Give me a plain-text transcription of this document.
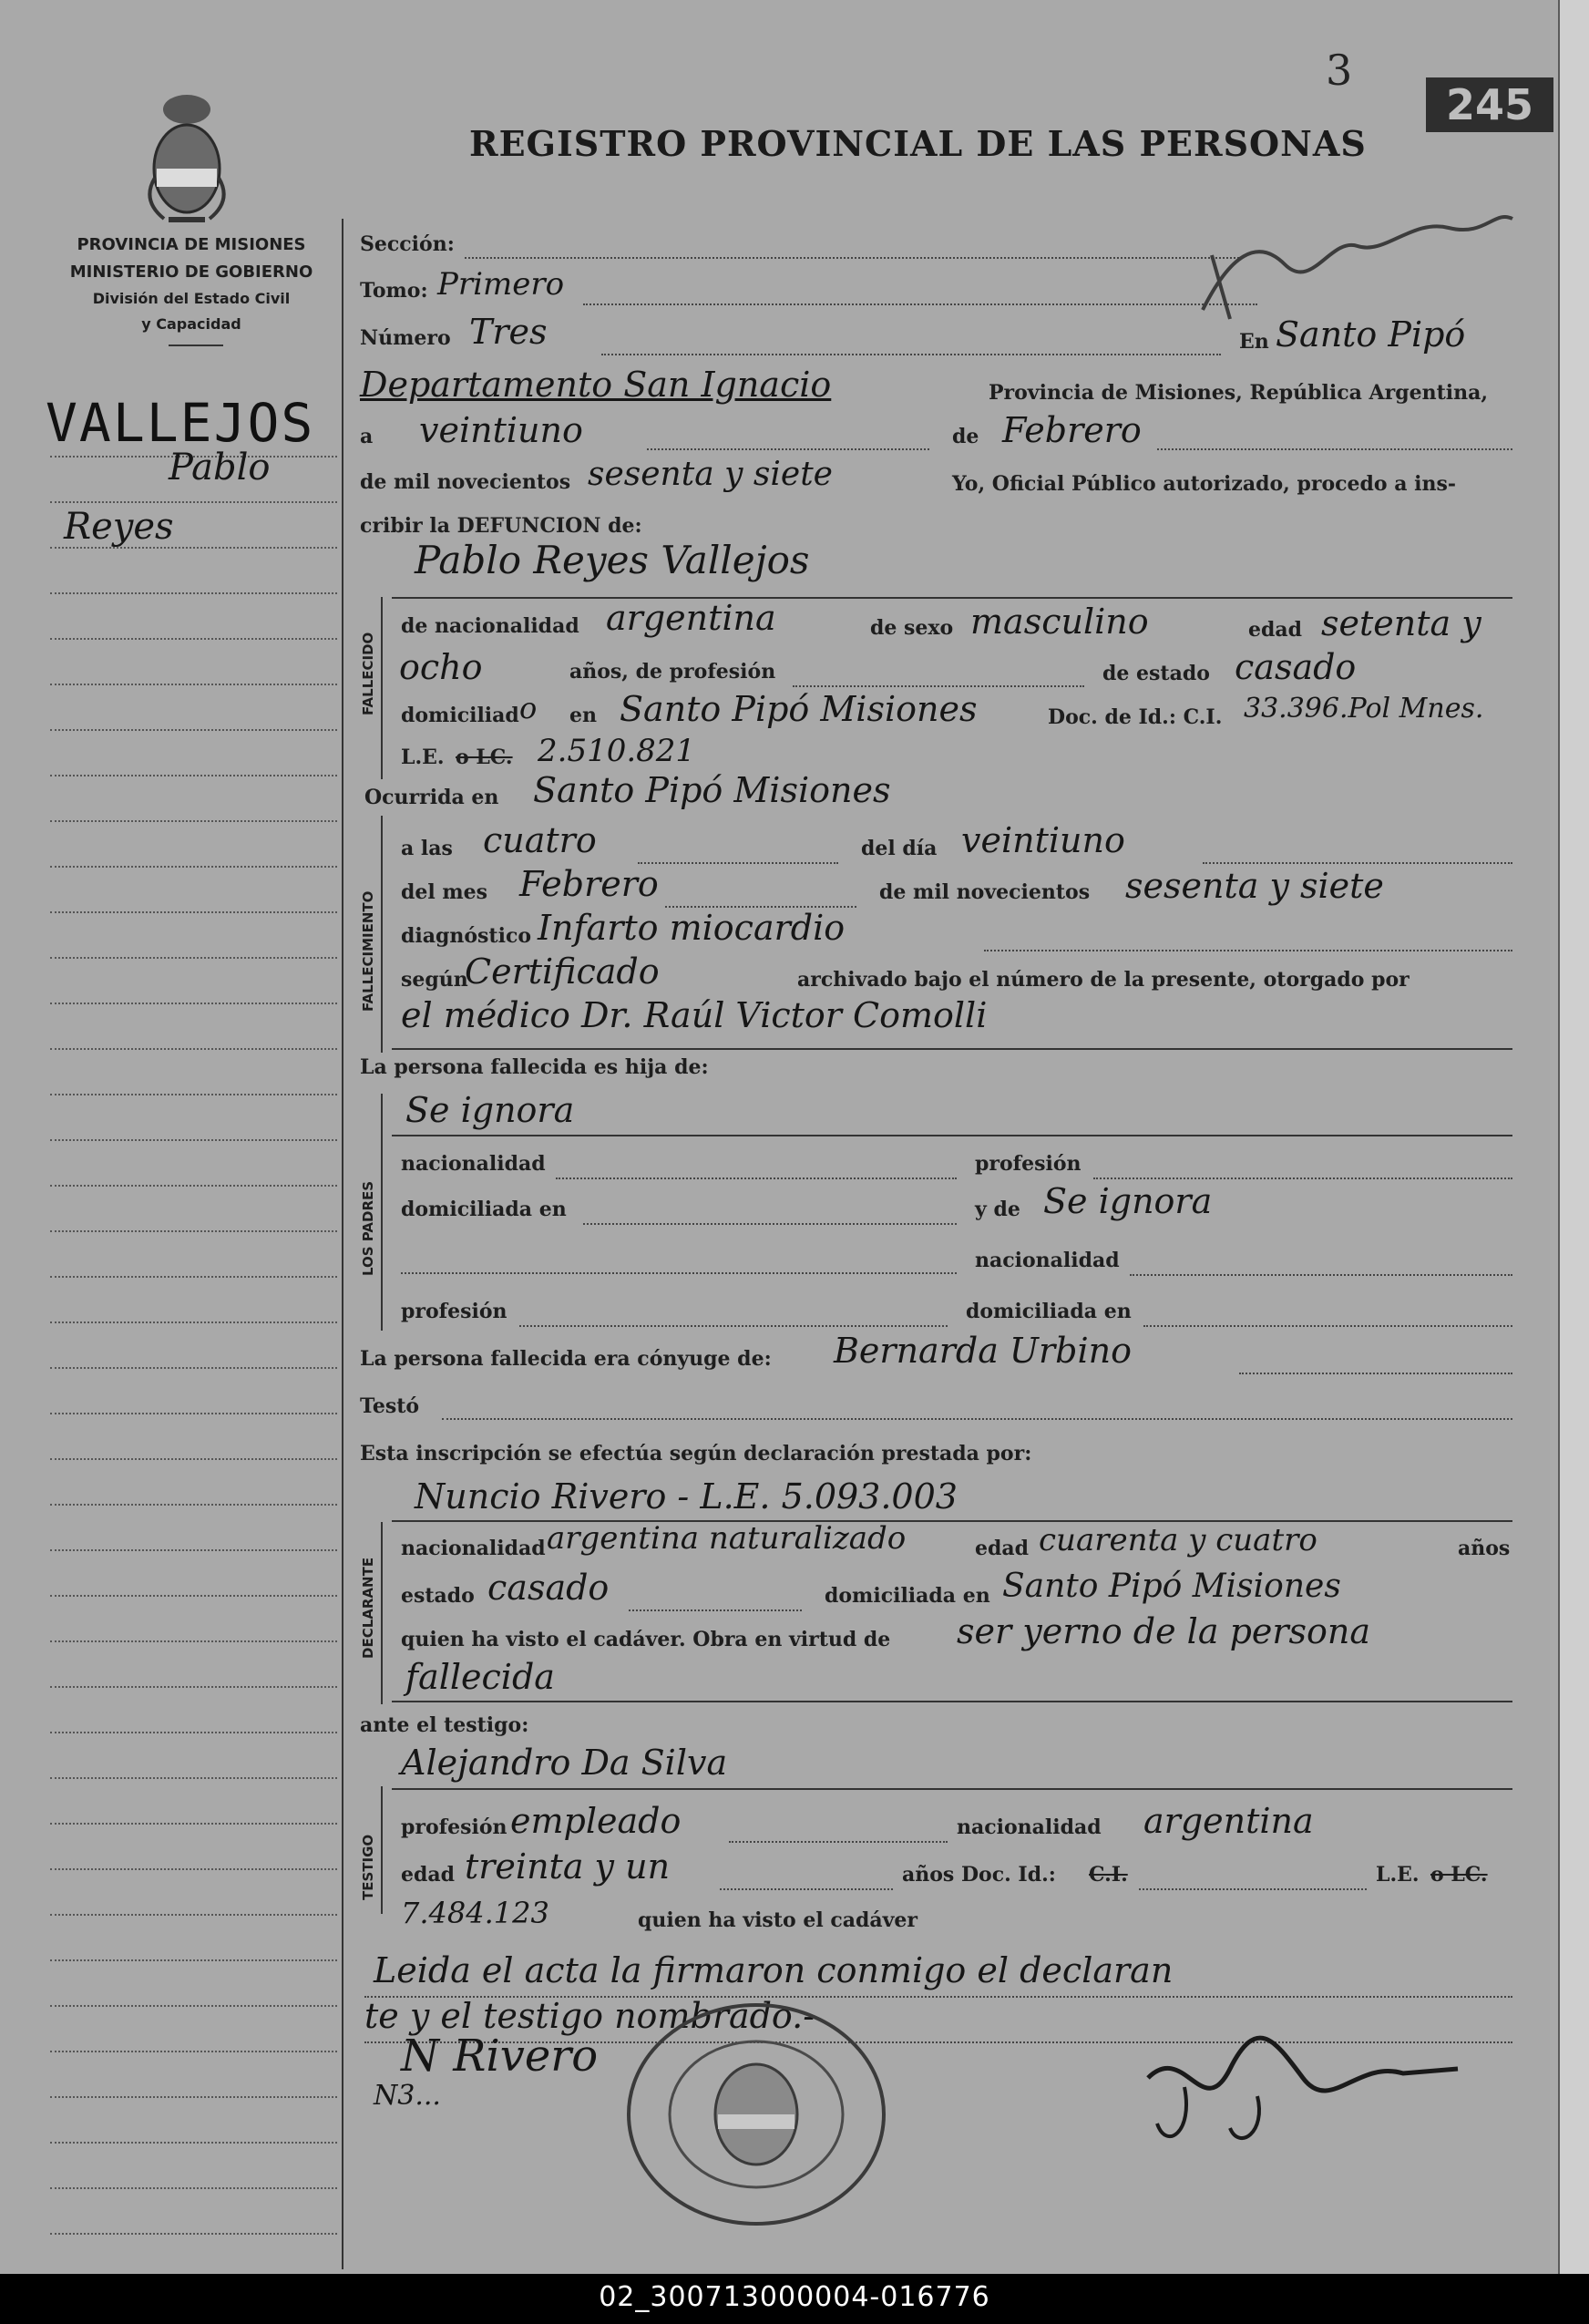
PROVINCIA DE MISIONES
MINISTERIO DE GOBIERNO
División del Estado Civil
y Capacidad
3
245
REGISTRO PROVINCIAL DE LAS PERSONAS
VALLEJOS
Pablo
Reyes
Sección:
Tomo: Primero
Número Tres	En Santo Pipó
Departamento San Ignacio	Provincia de Misiones, República Argentina,
a veintiuno	de Febrero
de mil novecientos sesenta y siete	Yo, Oficial Público autorizado, procedo a ins-
cribir la DEFUNCION de:
FALLECIDO
Pablo Reyes Vallejos
de nacionalidad argentina	de sexo masculino	edad setenta y
ocho	años, de profesión	de estado casado
domiciliad o en Santo Pipó Misiones	Doc. de Id.: C.I. 33.396.Pol Mnes.
L.E. o LC. 2.510.821
Ocurrida en Santo Pipó Misiones
FALLECIMIENTO
a las cuatro	del día veintiuno
del mes Febrero	de mil novecientos sesenta y siete
diagnóstico Infarto miocardio
según
Certificado	archivado bajo el número de la presente, otorgado por
el médico Dr. Raúl Victor Comolli
La persona fallecida es hija de:
LOS PADRES
Se ignora
nacionalidad	profesión
domiciliada en	y de Se ignora
nacionalidad
profesión	domiciliada en
La persona fallecida era cónyuge de: Bernarda Urbino
Testó
Esta inscripción se efectúa según declaración prestada por:
DECLARANTE
Nuncio Rivero - L.E. 5.093.003
nacionalidad argentina naturalizado	edad cuarenta y cuatro	años
estado casado	domiciliada en Santo Pipó Misiones
quien ha visto el cadáver. Obra en virtud de ser yerno de la persona
fallecida
ante el testigo:
TESTIGO
Alejandro Da Silva
profesión empleado	nacionalidad argentina
edad treinta y un	años Doc. Id.: C.I.	L.E. o LC.
7.484.123	quien ha visto el cadáver
Leida el acta la firmaron conmigo el declaran
te y el testigo nombrado.-
N Rivero
N3...
02_300713000004-016776
